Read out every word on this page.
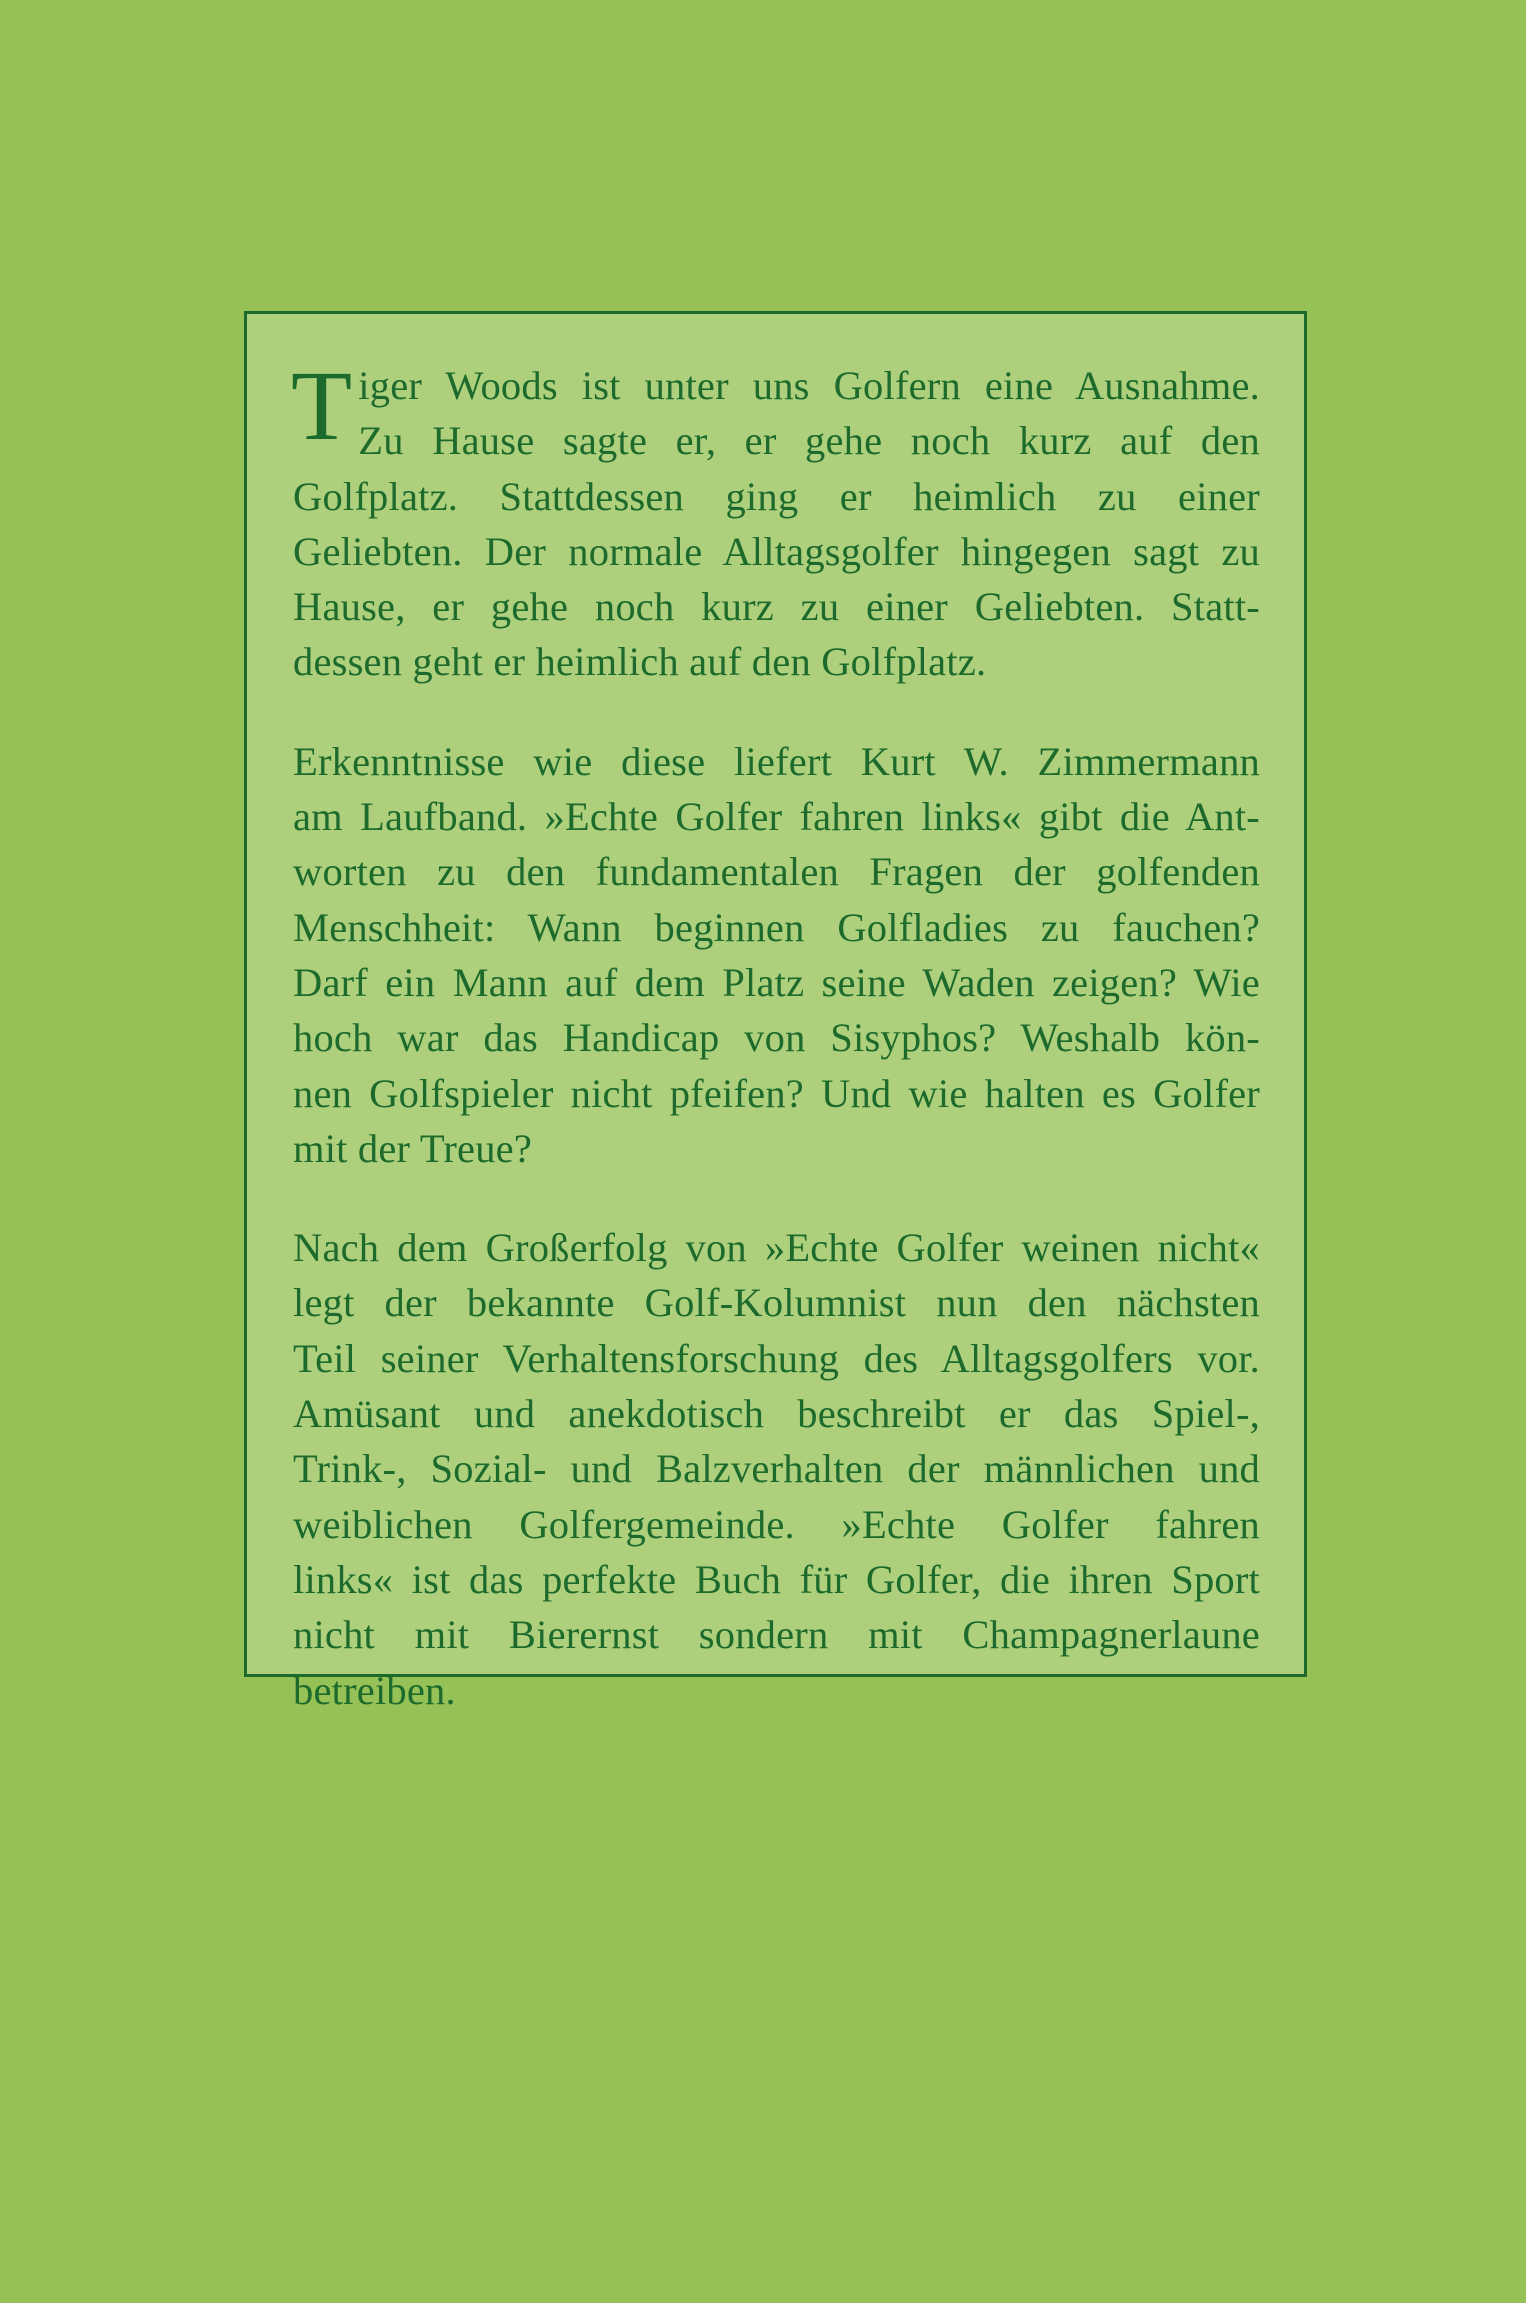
T iger Woods ist unter uns Golfern eine Ausnahme.
Zu Hause sagte er, er gehe noch kurz auf den
Golfplatz. Stattdessen ging er heimlich zu einer
Geliebten. Der normale Alltagsgolfer hingegen sagt zu
Hause, er gehe noch kurz zu einer Geliebten. Statt-
dessen geht er heimlich auf den Golfplatz.
Erkenntnisse wie diese liefert Kurt W. Zimmermann
am Laufband. »Echte Golfer fahren links« gibt die Ant-
worten zu den fundamentalen Fragen der golfenden
Menschheit: Wann beginnen Golfladies zu fauchen?
Darf ein Mann auf dem Platz seine Waden zeigen? Wie
hoch war das Handicap von Sisyphos? Weshalb kön-
nen Golfspieler nicht pfeifen? Und wie halten es Golfer
mit der Treue?
Nach dem Großerfolg von »Echte Golfer weinen nicht«
legt der bekannte Golf-Kolumnist nun den nächsten
Teil seiner Verhaltensforschung des Alltagsgolfers vor.
Amüsant und anekdotisch beschreibt er das Spiel-,
Trink-, Sozial- und Balzverhalten der männlichen und
weiblichen Golfergemeinde. »Echte Golfer fahren
links« ist das perfekte Buch für Golfer, die ihren Sport
nicht mit Bierernst sondern mit Champagnerlaune
betreiben.
